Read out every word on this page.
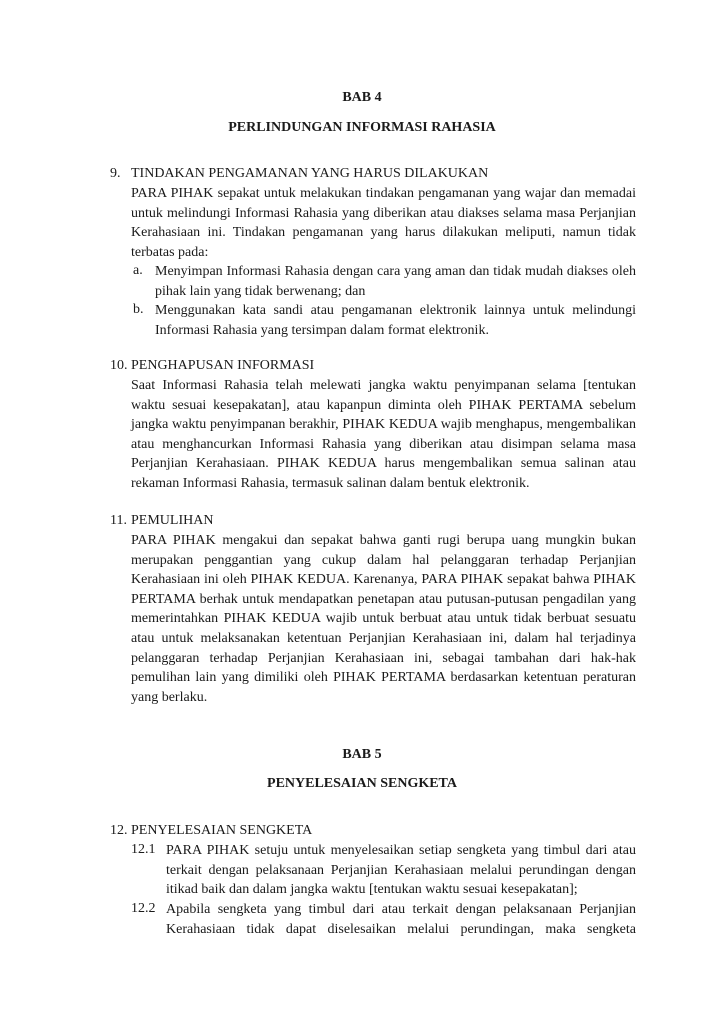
BAB 4
PERLINDUNGAN INFORMASI RAHASIA
9. TINDAKAN PENGAMANAN YANG HARUS DILAKUKAN

PARA PIHAK sepakat untuk melakukan tindakan pengamanan yang wajar dan memadai untuk melindungi Informasi Rahasia yang diberikan atau diakses selama masa Perjanjian Kerahasiaan ini. Tindakan pengamanan yang harus dilakukan meliputi, namun tidak terbatas pada:

a. Menyimpan Informasi Rahasia dengan cara yang aman dan tidak mudah diakses oleh pihak lain yang tidak berwenang; dan

b. Menggunakan kata sandi atau pengamanan elektronik lainnya untuk melindungi Informasi Rahasia yang tersimpan dalam format elektronik.

10. PENGHAPUSAN INFORMASI

Saat Informasi Rahasia telah melewati jangka waktu penyimpanan selama [tentukan waktu sesuai kesepakatan], atau kapanpun diminta oleh PIHAK PERTAMA sebelum jangka waktu penyimpanan berakhir, PIHAK KEDUA wajib menghapus, mengembalikan atau menghancurkan Informasi Rahasia yang diberikan atau disimpan selama masa Perjanjian Kerahasiaan. PIHAK KEDUA harus mengembalikan semua salinan atau rekaman Informasi Rahasia, termasuk salinan dalam bentuk elektronik.

11. PEMULIHAN

PARA PIHAK mengakui dan sepakat bahwa ganti rugi berupa uang mungkin bukan merupakan penggantian yang cukup dalam hal pelanggaran terhadap Perjanjian Kerahasiaan ini oleh PIHAK KEDUA. Karenanya, PARA PIHAK sepakat bahwa PIHAK PERTAMA berhak untuk mendapatkan penetapan atau putusan-putusan pengadilan yang memerintahkan PIHAK KEDUA wajib untuk berbuat atau untuk tidak berbuat sesuatu atau untuk melaksanakan ketentuan Perjanjian Kerahasiaan ini, dalam hal terjadinya pelanggaran terhadap Perjanjian Kerahasiaan ini, sebagai tambahan dari hak-hak pemulihan lain yang dimiliki oleh PIHAK PERTAMA berdasarkan ketentuan peraturan yang berlaku.

BAB 5
PENYELESAIAN SENGKETA
12. PENYELESAIAN SENGKETA
12.1 PARA PIHAK setuju untuk menyelesaikan setiap sengketa yang timbul dari atau terkait dengan pelaksanaan Perjanjian Kerahasiaan melalui perundingan dengan itikad baik dan dalam jangka waktu [tentukan waktu sesuai kesepakatan];

12.2 Apabila sengketa yang timbul dari atau terkait dengan pelaksanaan Perjanjian Kerahasiaan tidak dapat diselesaikan melalui perundingan, maka sengketa
